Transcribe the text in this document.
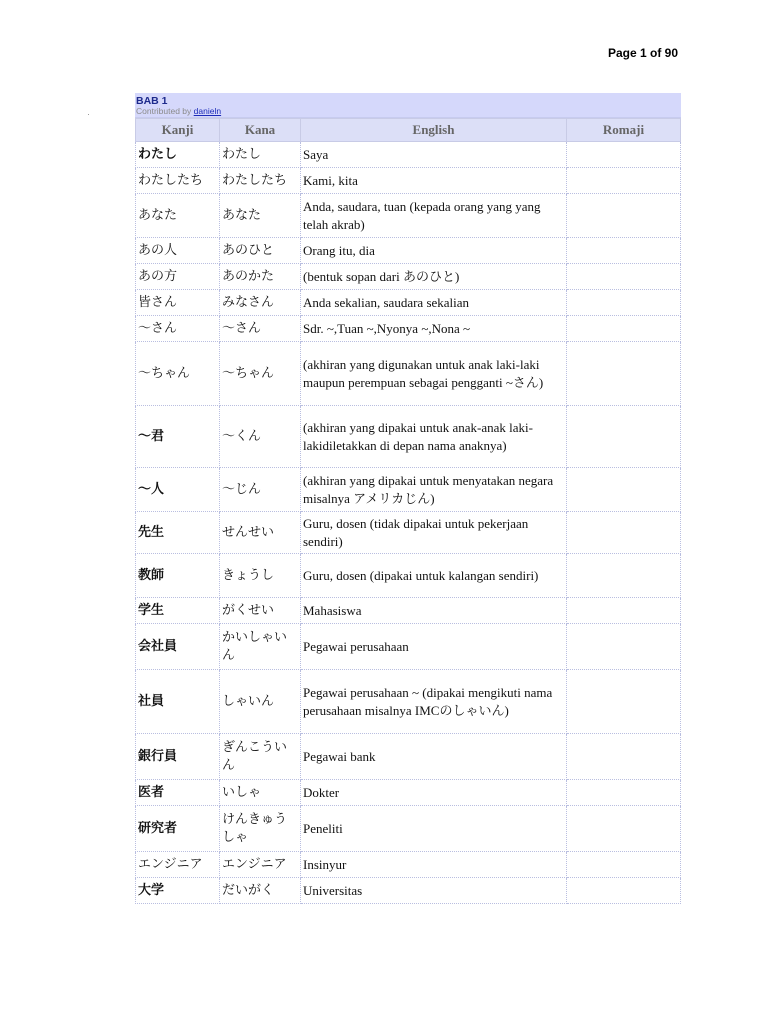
Page 1 of 90
BAB 1
Contributed by danieln
Kanji	Kana	English	Romaji
わたし	わたし	Saya	
わたしたち	わたしたち	Kami, kita	
あなた	あなた	Anda, saudara, tuan (kepada orang yang yang telah akrab)	
あの人	あのひと	Orang itu, dia	
あの方	あのかた	(bentuk sopan dari あのひと)	
皆さん	みなさん	Anda sekalian, saudara sekalian	
～さん	～さん	Sdr. ~,Tuan ~,Nyonya ~,Nona ~	
～ちゃん	～ちゃん	(akhiran yang digunakan untuk anak laki-laki maupun perempuan sebagai pengganti ~さん)	
～君	～くん	(akhiran yang dipakai untuk anak-anak laki-lakidiletakkan di depan nama anaknya)	
～人	～じん	(akhiran yang dipakai untuk menyatakan negara misalnya アメリカじん)	
先生	せんせい	Guru, dosen (tidak dipakai untuk pekerjaan sendiri)	
教師	きょうし	Guru, dosen (dipakai untuk kalangan sendiri)	
学生	がくせい	Mahasiswa	
会社員	かいしゃいん	Pegawai perusahaan	
社員	しゃいん	Pegawai perusahaan ~ (dipakai mengikuti nama perusahaan misalnya IMCのしゃいん)	
銀行員	ぎんこういん	Pegawai bank	
医者	いしゃ	Dokter	
研究者	けんきゅうしゃ	Peneliti	
エンジニア	エンジニア	Insinyur	
大学	だいがく	Universitas	
